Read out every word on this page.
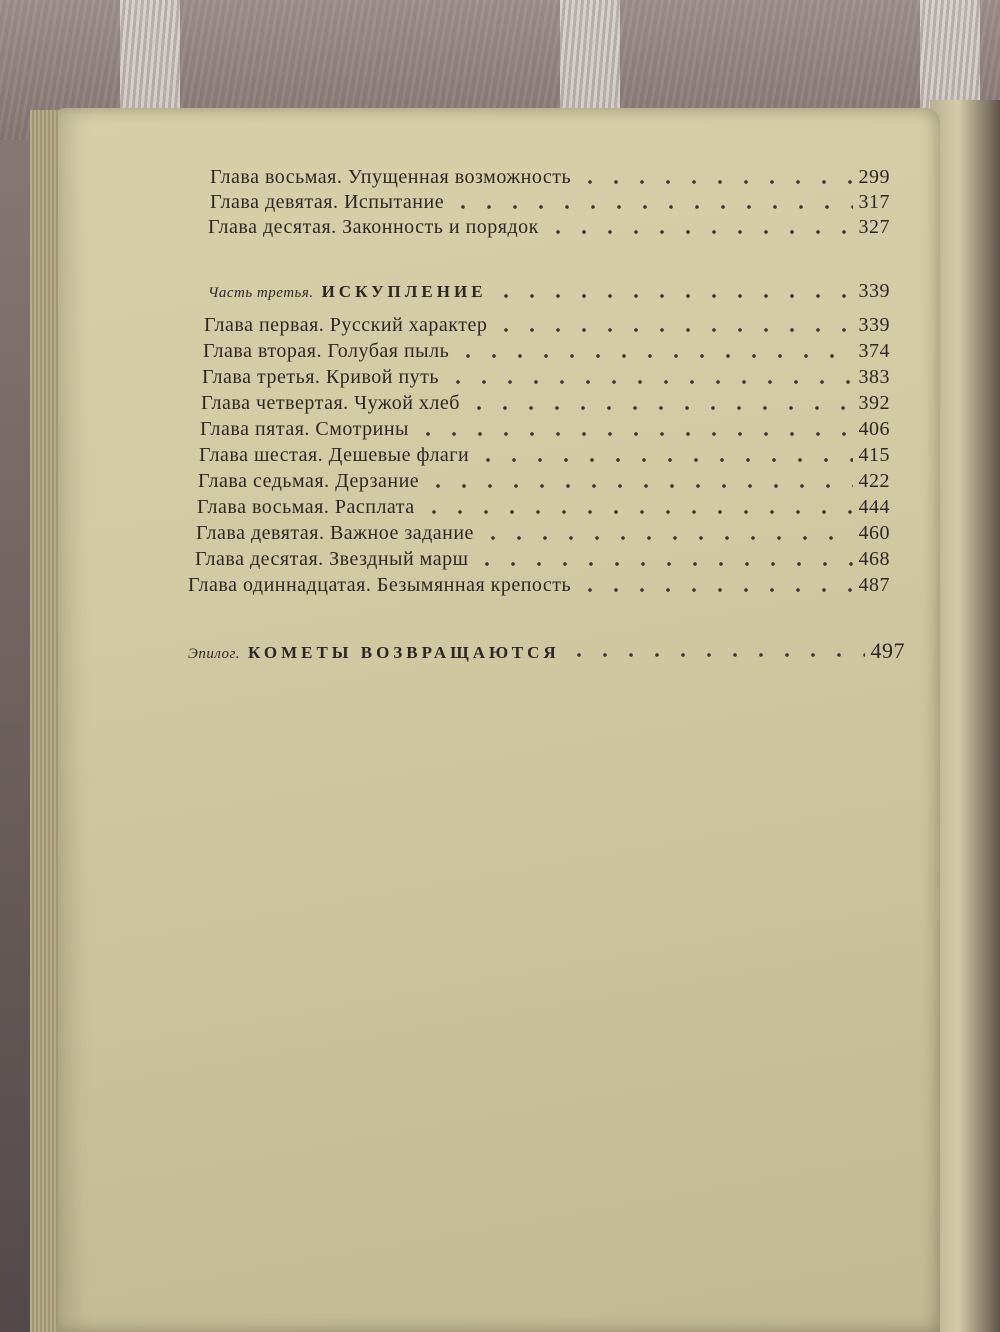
Глава восьмая. Упущенная возможность	299
Глава девятая. Испытание	317
Глава десятая. Законность и порядок	327
Часть третья. ИСКУПЛЕНИЕ	339
Глава первая. Русский характер	339
Глава вторая. Голубая пыль	374
Глава третья. Кривой путь	383
Глава четвертая. Чужой хлеб	392
Глава пятая. Смотрины	406
Глава шестая. Дешевые флаги	415
Глава седьмая. Дерзание	422
Глава восьмая. Расплата	444
Глава девятая. Важное задание	460
Глава десятая. Звездный марш	468
Глава одиннадцатая. Безымянная крепость	487
Эпилог. КОМЕТЫ ВОЗВРАЩАЮТСЯ	497
